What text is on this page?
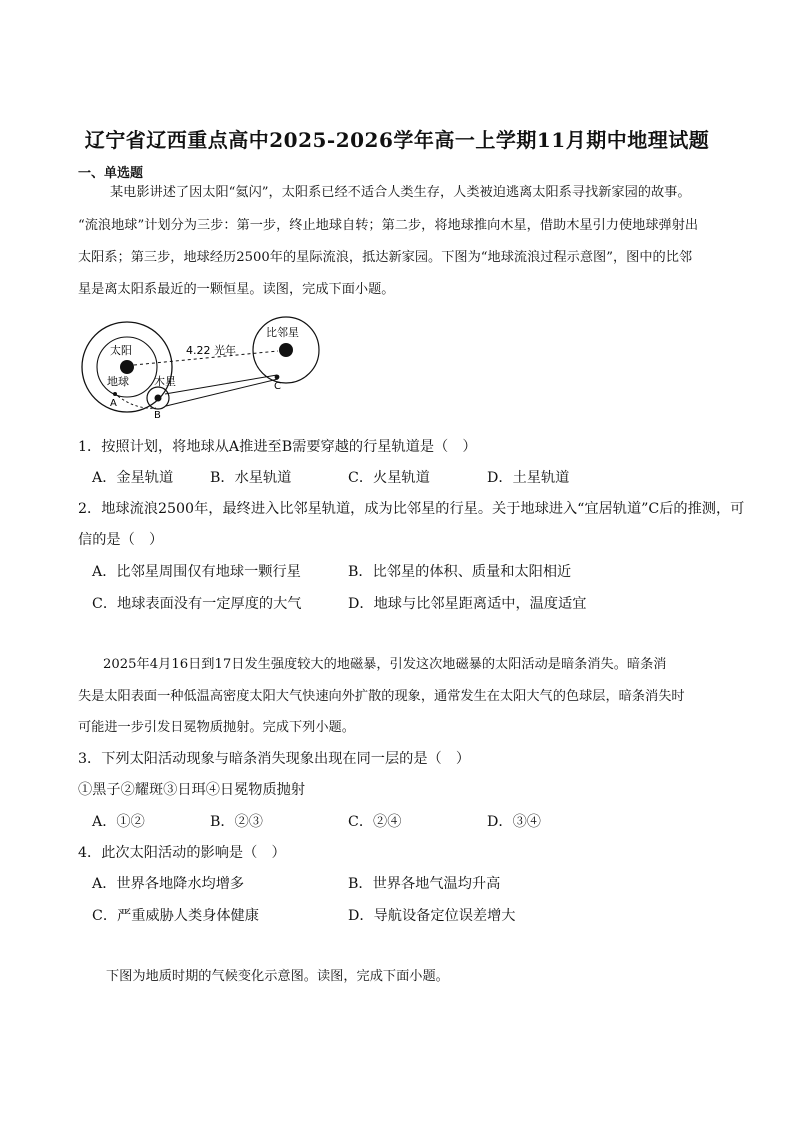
辽宁省辽西重点高中2025-2026学年高一上学期11月期中地理试题
一、单选题
某电影讲述了因太阳“氦闪”，太阳系已经不适合人类生存，人类被迫逃离太阳系寻找新家园的故事。
“流浪地球”计划分为三步：第一步，终止地球自转；第二步，将地球推向木星，借助木星引力使地球弹射出
太阳系；第三步，地球经历2500年的星际流浪，抵达新家园。下图为“地球流浪过程示意图”，图中的比邻
星是离太阳系最近的一颗恒星。读图，完成下面小题。
太阳
地球 木星
比邻星
4.22 光年
A
B
C
1．按照计划，将地球从A推进至B需要穿越的行星轨道是（　）
A．金星轨道	B．水星轨道	C．火星轨道	D．土星轨道
2．地球流浪2500年，最终进入比邻星轨道，成为比邻星的行星。关于地球进入“宜居轨道”C后的推测，可
信的是（　）
A．比邻星周围仅有地球一颗行星	B．比邻星的体积、质量和太阳相近
C．地球表面没有一定厚度的大气	D．地球与比邻星距离适中，温度适宜
2025年4月16日到17日发生强度较大的地磁暴，引发这次地磁暴的太阳活动是暗条消失。暗条消
失是太阳表面一种低温高密度太阳大气快速向外扩散的现象，通常发生在太阳大气的色球层，暗条消失时
可能进一步引发日冕物质抛射。完成下列小题。
3．下列太阳活动现象与暗条消失现象出现在同一层的是（　）
①黑子②耀斑③日珥④日冕物质抛射
A．①②	B．②③	C．②④	D．③④
4．此次太阳活动的影响是（　）
A．世界各地降水均增多	B．世界各地气温均升高
C．严重威胁人类身体健康	D．导航设备定位误差增大
下图为地质时期的气候变化示意图。读图，完成下面小题。
